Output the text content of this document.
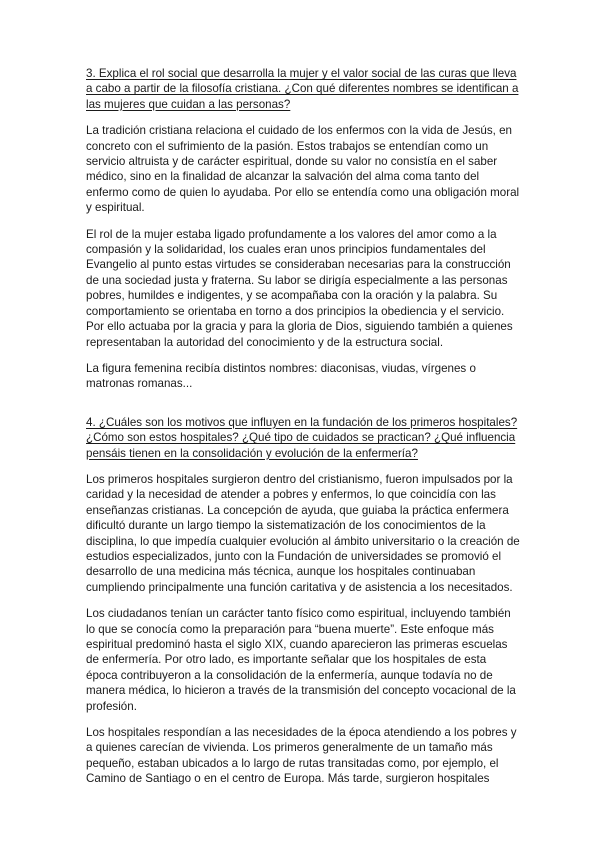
3. Explica el rol social que desarrolla la mujer y el valor social de las curas que lleva a cabo a partir de la filosofía cristiana. ¿Con qué diferentes nombres se identifican a las mujeres que cuidan a las personas?
La tradición cristiana relaciona el cuidado de los enfermos con la vida de Jesús, en concreto con el sufrimiento de la pasión. Estos trabajos se entendían como un servicio altruista y de carácter espiritual, donde su valor no consistía en el saber médico, sino en la finalidad de alcanzar la salvación del alma coma tanto del enfermo como de quien lo ayudaba. Por ello se entendía como una obligación moral y espiritual.
El rol de la mujer estaba ligado profundamente a los valores del amor como a la compasión y la solidaridad, los cuales eran unos principios fundamentales del Evangelio al punto estas virtudes se consideraban necesarias para la construcción de una sociedad justa y fraterna. Su labor se dirigía especialmente a las personas pobres, humildes e indigentes, y se acompañaba con la oración y la palabra. Su comportamiento se orientaba en torno a dos principios la obediencia y el servicio. Por ello actuaba por la gracia y para la gloria de Dios, siguiendo también a quienes representaban la autoridad del conocimiento y de la estructura social.
La figura femenina recibía distintos nombres: diaconisas, viudas, vírgenes o matronas romanas...
4. ¿Cuáles son los motivos que influyen en la fundación de los primeros hospitales? ¿Cómo son estos hospitales? ¿Qué tipo de cuidados se practican? ¿Qué influencia pensáis tienen en la consolidación y evolución de la enfermería?
Los primeros hospitales surgieron dentro del cristianismo, fueron impulsados por la caridad y la necesidad de atender a pobres y enfermos, lo que coincidía con las enseñanzas cristianas. La concepción de ayuda, que guiaba la práctica enfermera dificultó durante un largo tiempo la sistematización de los conocimientos de la disciplina, lo que impedía cualquier evolución al ámbito universitario o la creación de estudios especializados, junto con la Fundación de universidades se promovió el desarrollo de una medicina más técnica, aunque los hospitales continuaban cumpliendo principalmente una función caritativa y de asistencia a los necesitados.
Los ciudadanos tenían un carácter tanto físico como espiritual, incluyendo también lo que se conocía como la preparación para “buena muerte”. Este enfoque más espiritual predominó hasta el siglo XIX, cuando aparecieron las primeras escuelas de enfermería. Por otro lado, es importante señalar que los hospitales de esta época contribuyeron a la consolidación de la enfermería, aunque todavía no de manera médica, lo hicieron a través de la transmisión del concepto vocacional de la profesión.
Los hospitales respondían a las necesidades de la época atendiendo a los pobres y a quienes carecían de vivienda. Los primeros generalmente de un tamaño más pequeño, estaban ubicados a lo largo de rutas transitadas como, por ejemplo, el Camino de Santiago o en el centro de Europa. Más tarde, surgieron hospitales
